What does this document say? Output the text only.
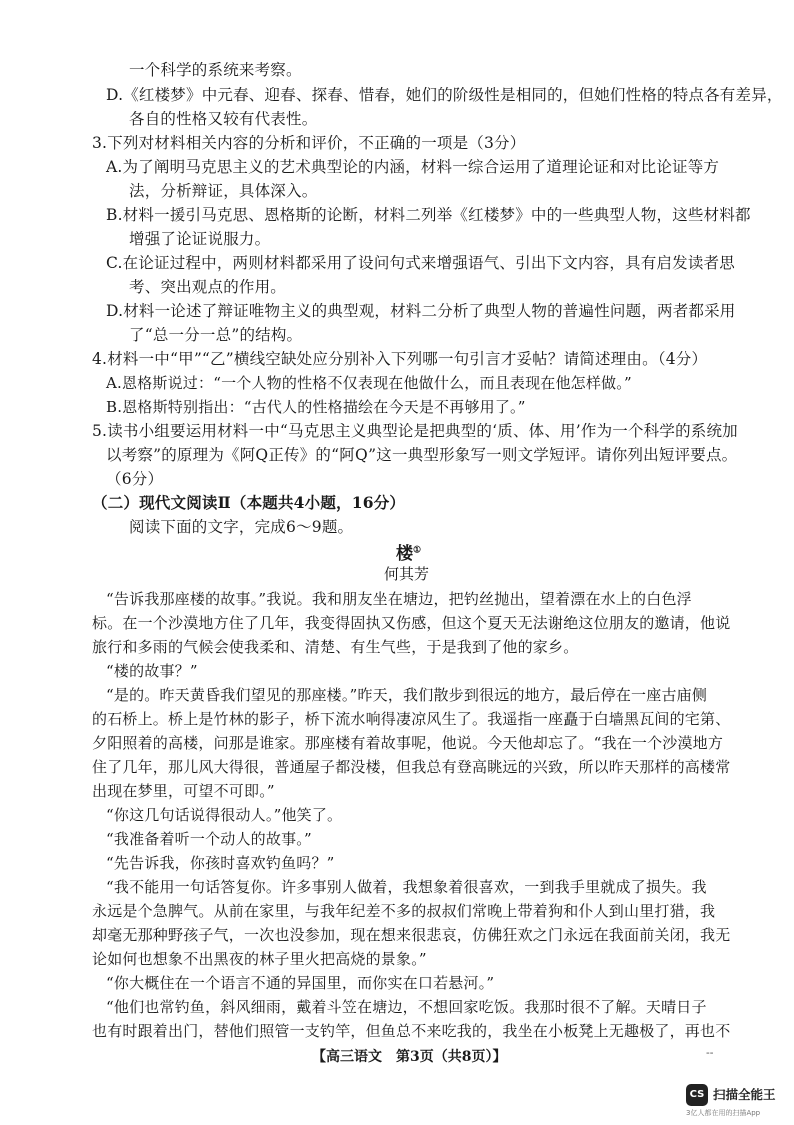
一个科学的系统来考察。
D.《红楼梦》中元春、迎春、探春、惜春，她们的阶级性是相同的，但她们性格的特点各有差异，
各自的性格又较有代表性。
3.下列对材料相关内容的分析和评价，不正确的一项是（3分）
A.为了阐明马克思主义的艺术典型论的内涵，材料一综合运用了道理论证和对比论证等方
法，分析辩证，具体深入。
B.材料一援引马克思、恩格斯的论断，材料二列举《红楼梦》中的一些典型人物，这些材料都
增强了论证说服力。
C.在论证过程中，两则材料都采用了设问句式来增强语气、引出下文内容，具有启发读者思
考、突出观点的作用。
D.材料一论述了辩证唯物主义的典型观，材料二分析了典型人物的普遍性问题，两者都采用
了“总一分一总”的结构。
4.材料一中“甲”“乙”横线空缺处应分别补入下列哪一句引言才妥帖？请简述理由。（4分）
A.恩格斯说过：“一个人物的性格不仅表现在他做什么，而且表现在他怎样做。”
B.恩格斯特别指出：“古代人的性格描绘在今天是不再够用了。”
5.读书小组要运用材料一中“马克思主义典型论是把典型的‘质、体、用’作为一个科学的系统加
以考察”的原理为《阿Q正传》的“阿Q”这一典型形象写一则文学短评。请你列出短评要点。
（6分）
（二）现代文阅读Ⅱ（本题共4小题，16分）
阅读下面的文字，完成6～9题。
楼①
何其芳
“告诉我那座楼的故事。”我说。我和朋友坐在塘边，把钓丝抛出，望着漂在水上的白色浮
标。在一个沙漠地方住了几年，我变得固执又伤感，但这个夏天无法谢绝这位朋友的邀请，他说
旅行和多雨的气候会使我柔和、清楚、有生气些，于是我到了他的家乡。
“楼的故事？”
“是的。昨天黄昏我们望见的那座楼。”昨天，我们散步到很远的地方，最后停在一座古庙侧
的石桥上。桥上是竹林的影子，桥下流水响得凄凉风生了。我遥指一座矗于白墙黑瓦间的宅第、
夕阳照着的高楼，问那是谁家。那座楼有着故事呢，他说。今天他却忘了。“我在一个沙漠地方
住了几年，那儿风大得很，普通屋子都没楼，但我总有登高眺远的兴致，所以昨天那样的高楼常
出现在梦里，可望不可即。”
“你这几句话说得很动人。”他笑了。
“我准备着听一个动人的故事。”
“先告诉我，你孩时喜欢钓鱼吗？”
“我不能用一句话答复你。许多事别人做着，我想象着很喜欢，一到我手里就成了损失。我
永远是个急脾气。从前在家里，与我年纪差不多的叔叔们常晚上带着狗和仆人到山里打猎，我
却毫无那种野孩子气，一次也没参加，现在想来很悲哀，仿佛狂欢之门永远在我面前关闭，我无
论如何也想象不出黑夜的林子里火把高烧的景象。”
“你大概住在一个语言不通的异国里，而你实在口若悬河。”
“他们也常钓鱼，斜风细雨，戴着斗笠在塘边，不想回家吃饭。我那时很不了解。天晴日子
也有时跟着出门，替他们照管一支钓竿，但鱼总不来吃我的，我坐在小板凳上无趣极了，再也不
【高三语文　第3页（共8页）】	--
CS 扫描全能王
3亿人都在用的扫描App
